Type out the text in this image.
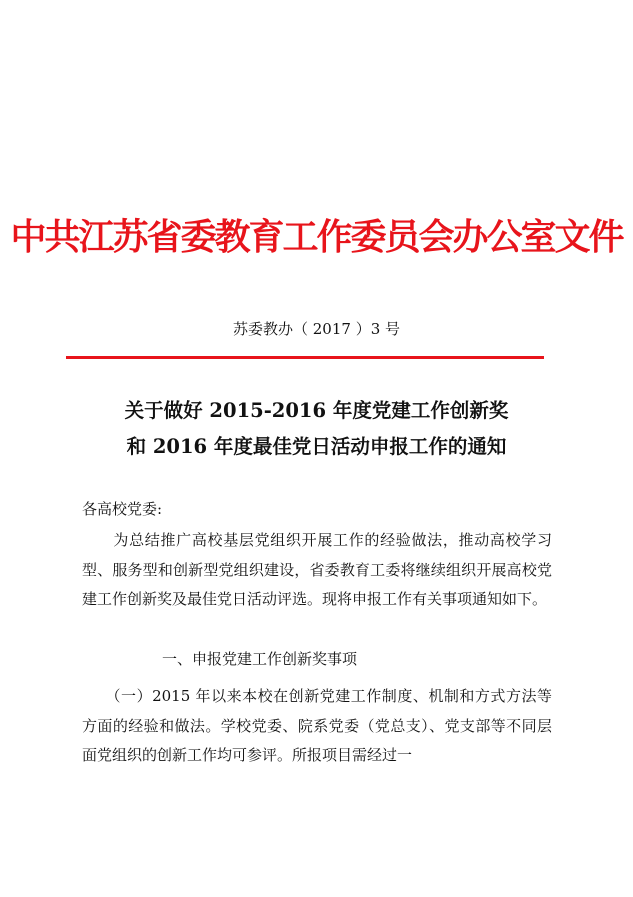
中共江苏省委教育工作委员会办公室文件
苏委教办（ 2017 ）3 号
关于做好 2015-2016 年度党建工作创新奖
和 2016 年度最佳党日活动申报工作的通知
各高校党委:
　　为总结推广高校基层党组织开展工作的经验做法，推动高校学习型、服务型和创新型党组织建设，省委教育工委将继续组织开展高校党建工作创新奖及最佳党日活动评选。现将申报工作有关事项通知如下。
一、申报党建工作创新奖事项
　　（一）2015 年以来本校在创新党建工作制度、机制和方式方法等方面的经验和做法。学校党委、院系党委（党总支）、党支部等不同层面党组织的创新工作均可参评。所报项目需经过一
